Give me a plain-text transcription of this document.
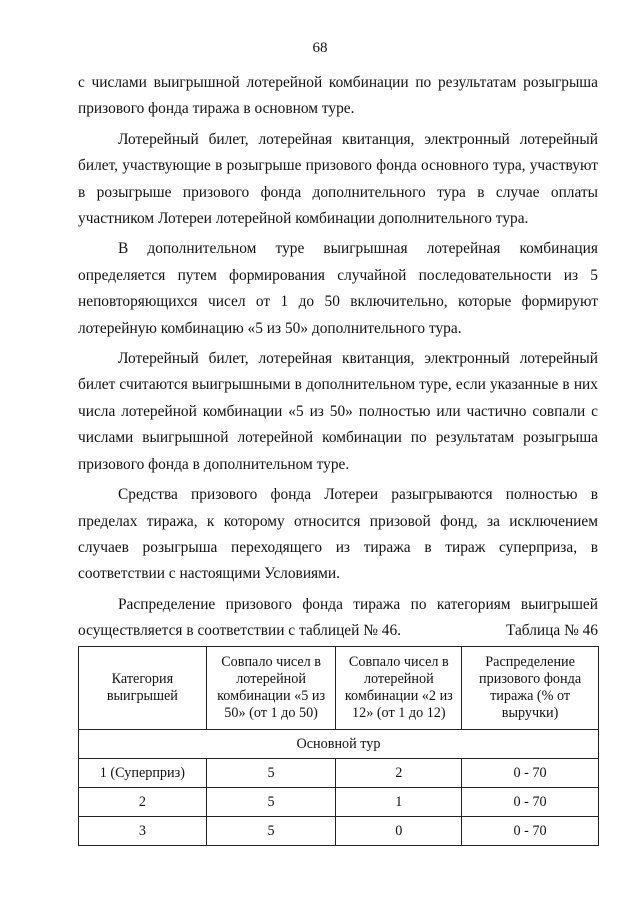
68

с числами выигрышной лотерейной комбинации по результатам розыгрыша призового фонда тиража в основном туре.

Лотерейный билет, лотерейная квитанция, электронный лотерейный билет, участвующие в розыгрыше призового фонда основного тура, участвуют в розыгрыше призового фонда дополнительного тура в случае оплаты участником Лотереи лотерейной комбинации дополнительного тура.

В дополнительном туре выигрышная лотерейная комбинация определяется путем формирования случайной последовательности из 5 неповторяющихся чисел от 1 до 50 включительно, которые формируют лотерейную комбинацию «5 из 50» дополнительного тура.

Лотерейный билет, лотерейная квитанция, электронный лотерейный билет считаются выигрышными в дополнительном туре, если указанные в них числа лотерейной комбинации «5 из 50» полностью или частично совпали с числами выигрышной лотерейной комбинации по результатам розыгрыша призового фонда в дополнительном туре.

Средства призового фонда Лотереи разыгрываются полностью в пределах тиража, к которому относится призовой фонд, за исключением случаев розыгрыша переходящего из тиража в тираж суперприза, в соответствии с настоящими Условиями.

Распределение призового фонда тиража по категориям выигрышей осуществляется в соответствии с таблицей № 46.	Таблица № 46
Категория выигрышей	Совпало чисел в лотерейной комбинации «5 из 50» (от 1 до 50)	Совпало чисел в лотерейной комбинации «2 из 12» (от 1 до 12)	Распределение призового фонда тиража (% от выручки)
Основной тур			
1 (Суперприз)	5	2	0 - 70
2	5	1	0 - 70
3	5	0	0 - 70
